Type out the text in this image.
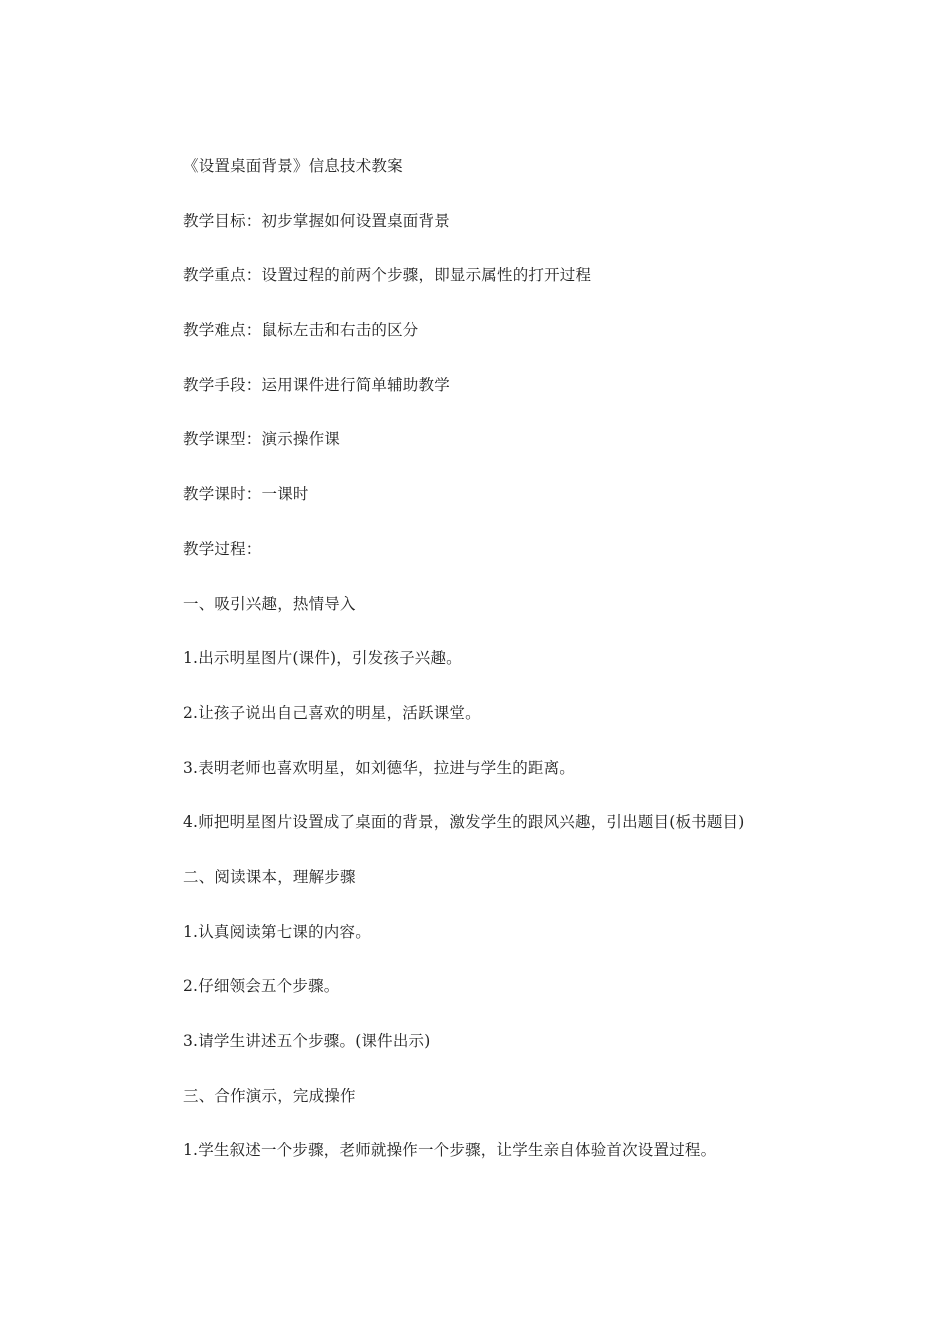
《设置桌面背景》信息技术教案
教学目标：初步掌握如何设置桌面背景
教学重点：设置过程的前两个步骤，即显示属性的打开过程
教学难点：鼠标左击和右击的区分
教学手段：运用课件进行简单辅助教学
教学课型：演示操作课
教学课时：一课时
教学过程：
一、吸引兴趣，热情导入
1.出示明星图片(课件)，引发孩子兴趣。
2.让孩子说出自己喜欢的明星，活跃课堂。
3.表明老师也喜欢明星，如刘德华，拉进与学生的距离。
4.师把明星图片设置成了桌面的背景，激发学生的跟风兴趣，引出题目(板书题目)
二、阅读课本，理解步骤
1.认真阅读第七课的内容。
2.仔细领会五个步骤。
3.请学生讲述五个步骤。(课件出示)
三、合作演示，完成操作
1.学生叙述一个步骤，老师就操作一个步骤，让学生亲自体验首次设置过程。
